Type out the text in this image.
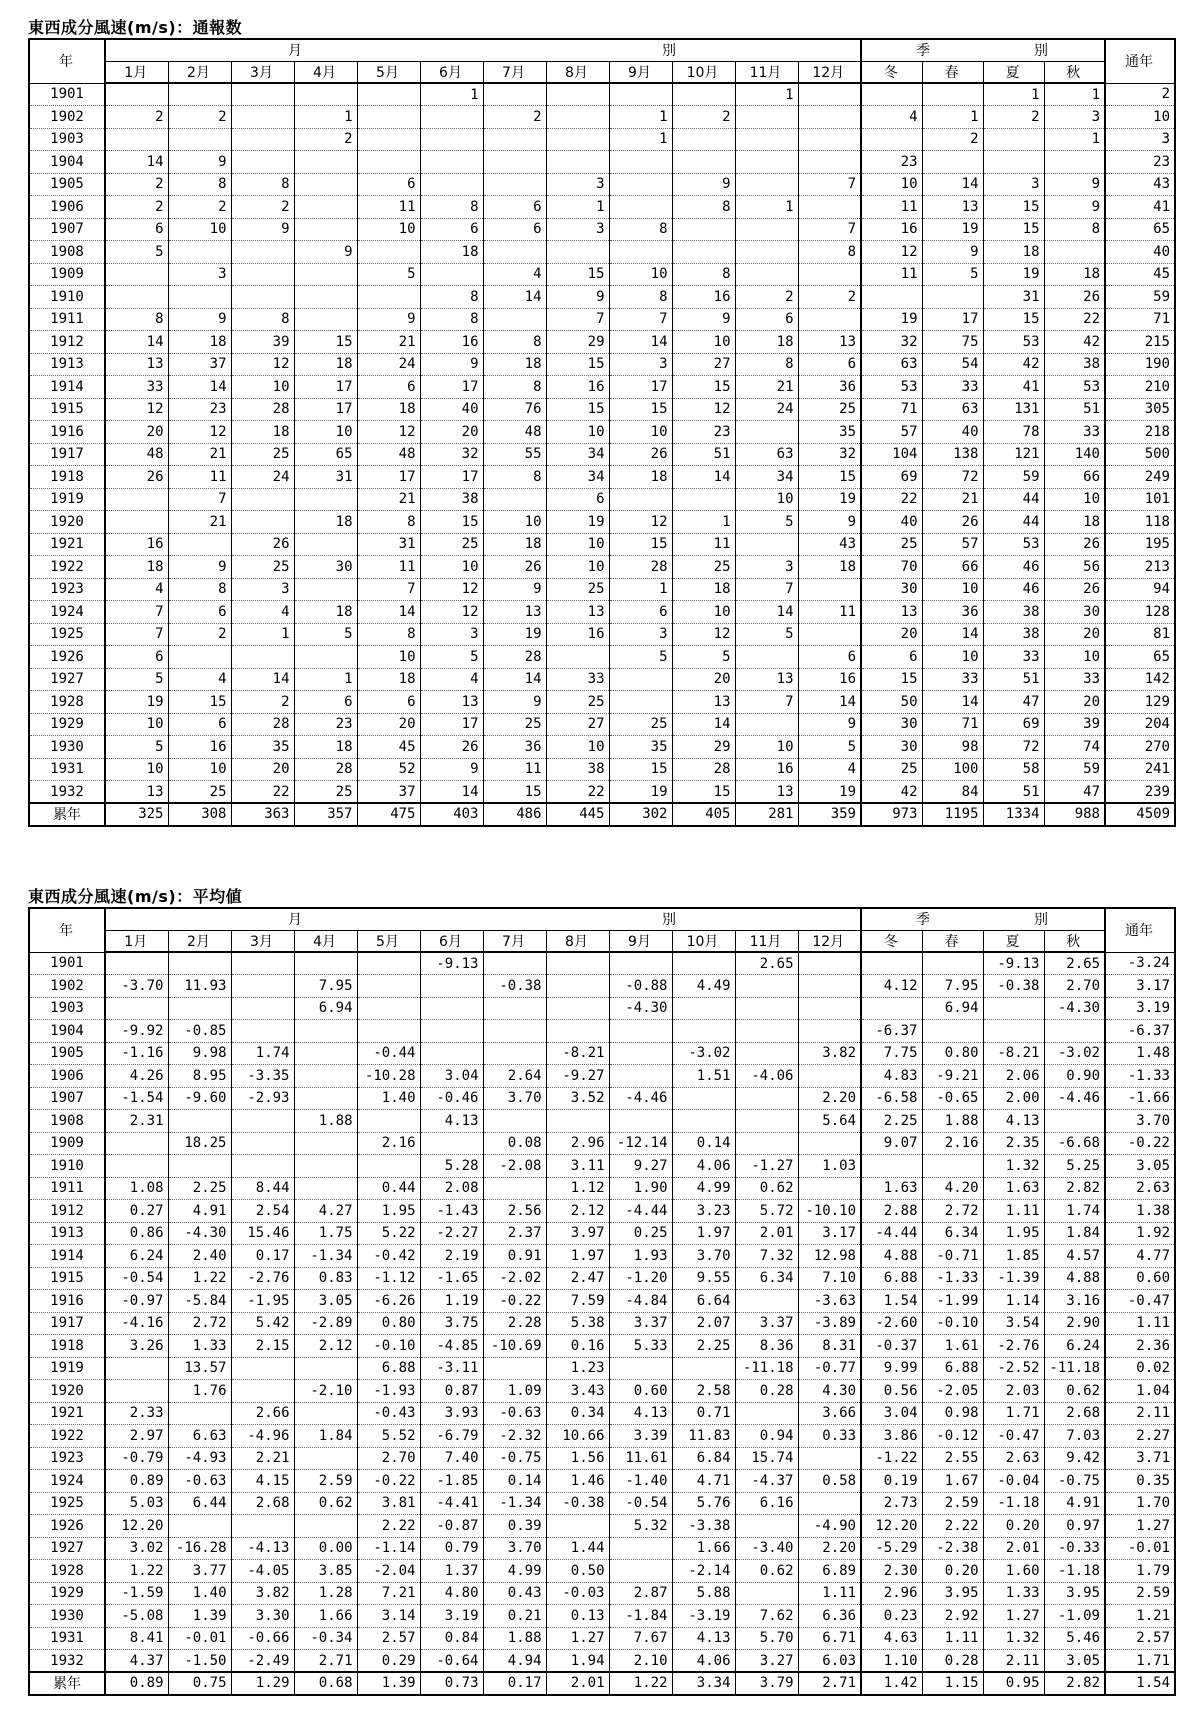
東西成分風速(m/s)：通報数
年	月 別												季 別				通年
	1月	2月	3月	4月	5月	6月	7月	8月	9月	10月	11月	12月	冬	春	夏	秋	
1901						1					1				1	1	2
1902	2	2		1			2		1	2			4	1	2	3	10
1903				2					1					2		1	3
1904	14	9											23				23
1905	2	8	8		6			3		9		7	10	14	3	9	43
1906	2	2	2		11	8	6	1		8	1		11	13	15	9	41
1907	6	10	9		10	6	6	3	8			7	16	19	15	8	65
1908	5			9		18						8	12	9	18		40
1909		3			5		4	15	10	8			11	5	19	18	45
1910						8	14	9	8	16	2	2			31	26	59
1911	8	9	8		9	8		7	7	9	6		19	17	15	22	71
1912	14	18	39	15	21	16	8	29	14	10	18	13	32	75	53	42	215
1913	13	37	12	18	24	9	18	15	3	27	8	6	63	54	42	38	190
1914	33	14	10	17	6	17	8	16	17	15	21	36	53	33	41	53	210
1915	12	23	28	17	18	40	76	15	15	12	24	25	71	63	131	51	305
1916	20	12	18	10	12	20	48	10	10	23		35	57	40	78	33	218
1917	48	21	25	65	48	32	55	34	26	51	63	32	104	138	121	140	500
1918	26	11	24	31	17	17	8	34	18	14	34	15	69	72	59	66	249
1919		7			21	38		6			10	19	22	21	44	10	101
1920		21		18	8	15	10	19	12	1	5	9	40	26	44	18	118
1921	16		26		31	25	18	10	15	11		43	25	57	53	26	195
1922	18	9	25	30	11	10	26	10	28	25	3	18	70	66	46	56	213
1923	4	8	3		7	12	9	25	1	18	7		30	10	46	26	94
1924	7	6	4	18	14	12	13	13	6	10	14	11	13	36	38	30	128
1925	7	2	1	5	8	3	19	16	3	12	5		20	14	38	20	81
1926	6				10	5	28		5	5		6	6	10	33	10	65
1927	5	4	14	1	18	4	14	33		20	13	16	15	33	51	33	142
1928	19	15	2	6	6	13	9	25		13	7	14	50	14	47	20	129
1929	10	6	28	23	20	17	25	27	25	14		9	30	71	69	39	204
1930	5	16	35	18	45	26	36	10	35	29	10	5	30	98	72	74	270
1931	10	10	20	28	52	9	11	38	15	28	16	4	25	100	58	59	241
1932	13	25	22	25	37	14	15	22	19	15	13	19	42	84	51	47	239
累年	325	308	363	357	475	403	486	445	302	405	281	359	973	1195	1334	988	4509
東西成分風速(m/s)：平均値
年	月 別												季 別				通年
	1月	2月	3月	4月	5月	6月	7月	8月	9月	10月	11月	12月	冬	春	夏	秋	
1901						-9.13					2.65				-9.13	2.65	-3.24
1902	-3.70	11.93		7.95			-0.38		-0.88	4.49			4.12	7.95	-0.38	2.70	3.17
1903				6.94					-4.30					6.94		-4.30	3.19
1904	-9.92	-0.85											-6.37				-6.37
1905	-1.16	9.98	1.74		-0.44			-8.21		-3.02		3.82	7.75	0.80	-8.21	-3.02	1.48
1906	4.26	8.95	-3.35		-10.28	3.04	2.64	-9.27		1.51	-4.06		4.83	-9.21	2.06	0.90	-1.33
1907	-1.54	-9.60	-2.93		1.40	-0.46	3.70	3.52	-4.46			2.20	-6.58	-0.65	2.00	-4.46	-1.66
1908	2.31			1.88		4.13						5.64	2.25	1.88	4.13		3.70
1909		18.25			2.16		0.08	2.96	-12.14	0.14			9.07	2.16	2.35	-6.68	-0.22
1910						5.28	-2.08	3.11	9.27	4.06	-1.27	1.03			1.32	5.25	3.05
1911	1.08	2.25	8.44		0.44	2.08		1.12	1.90	4.99	0.62		1.63	4.20	1.63	2.82	2.63
1912	0.27	4.91	2.54	4.27	1.95	-1.43	2.56	2.12	-4.44	3.23	5.72	-10.10	2.88	2.72	1.11	1.74	1.38
1913	0.86	-4.30	15.46	1.75	5.22	-2.27	2.37	3.97	0.25	1.97	2.01	3.17	-4.44	6.34	1.95	1.84	1.92
1914	6.24	2.40	0.17	-1.34	-0.42	2.19	0.91	1.97	1.93	3.70	7.32	12.98	4.88	-0.71	1.85	4.57	4.77
1915	-0.54	1.22	-2.76	0.83	-1.12	-1.65	-2.02	2.47	-1.20	9.55	6.34	7.10	6.88	-1.33	-1.39	4.88	0.60
1916	-0.97	-5.84	-1.95	3.05	-6.26	1.19	-0.22	7.59	-4.84	6.64		-3.63	1.54	-1.99	1.14	3.16	-0.47
1917	-4.16	2.72	5.42	-2.89	0.80	3.75	2.28	5.38	3.37	2.07	3.37	-3.89	-2.60	-0.10	3.54	2.90	1.11
1918	3.26	1.33	2.15	2.12	-0.10	-4.85	-10.69	0.16	5.33	2.25	8.36	8.31	-0.37	1.61	-2.76	6.24	2.36
1919		13.57			6.88	-3.11		1.23			-11.18	-0.77	9.99	6.88	-2.52	-11.18	0.02
1920		1.76		-2.10	-1.93	0.87	1.09	3.43	0.60	2.58	0.28	4.30	0.56	-2.05	2.03	0.62	1.04
1921	2.33		2.66		-0.43	3.93	-0.63	0.34	4.13	0.71		3.66	3.04	0.98	1.71	2.68	2.11
1922	2.97	6.63	-4.96	1.84	5.52	-6.79	-2.32	10.66	3.39	11.83	0.94	0.33	3.86	-0.12	-0.47	7.03	2.27
1923	-0.79	-4.93	2.21		2.70	7.40	-0.75	1.56	11.61	6.84	15.74		-1.22	2.55	2.63	9.42	3.71
1924	0.89	-0.63	4.15	2.59	-0.22	-1.85	0.14	1.46	-1.40	4.71	-4.37	0.58	0.19	1.67	-0.04	-0.75	0.35
1925	5.03	6.44	2.68	0.62	3.81	-4.41	-1.34	-0.38	-0.54	5.76	6.16		2.73	2.59	-1.18	4.91	1.70
1926	12.20				2.22	-0.87	0.39		5.32	-3.38		-4.90	12.20	2.22	0.20	0.97	1.27
1927	3.02	-16.28	-4.13	0.00	-1.14	0.79	3.70	1.44		1.66	-3.40	2.20	-5.29	-2.38	2.01	-0.33	-0.01
1928	1.22	3.77	-4.05	3.85	-2.04	1.37	4.99	0.50		-2.14	0.62	6.89	2.30	0.20	1.60	-1.18	1.79
1929	-1.59	1.40	3.82	1.28	7.21	4.80	0.43	-0.03	2.87	5.88		1.11	2.96	3.95	1.33	3.95	2.59
1930	-5.08	1.39	3.30	1.66	3.14	3.19	0.21	0.13	-1.84	-3.19	7.62	6.36	0.23	2.92	1.27	-1.09	1.21
1931	8.41	-0.01	-0.66	-0.34	2.57	0.84	1.88	1.27	7.67	4.13	5.70	6.71	4.63	1.11	1.32	5.46	2.57
1932	4.37	-1.50	-2.49	2.71	0.29	-0.64	4.94	1.94	2.10	4.06	3.27	6.03	1.10	0.28	2.11	3.05	1.71
累年	0.89	0.75	1.29	0.68	1.39	0.73	0.17	2.01	1.22	3.34	3.79	2.71	1.42	1.15	0.95	2.82	1.54
